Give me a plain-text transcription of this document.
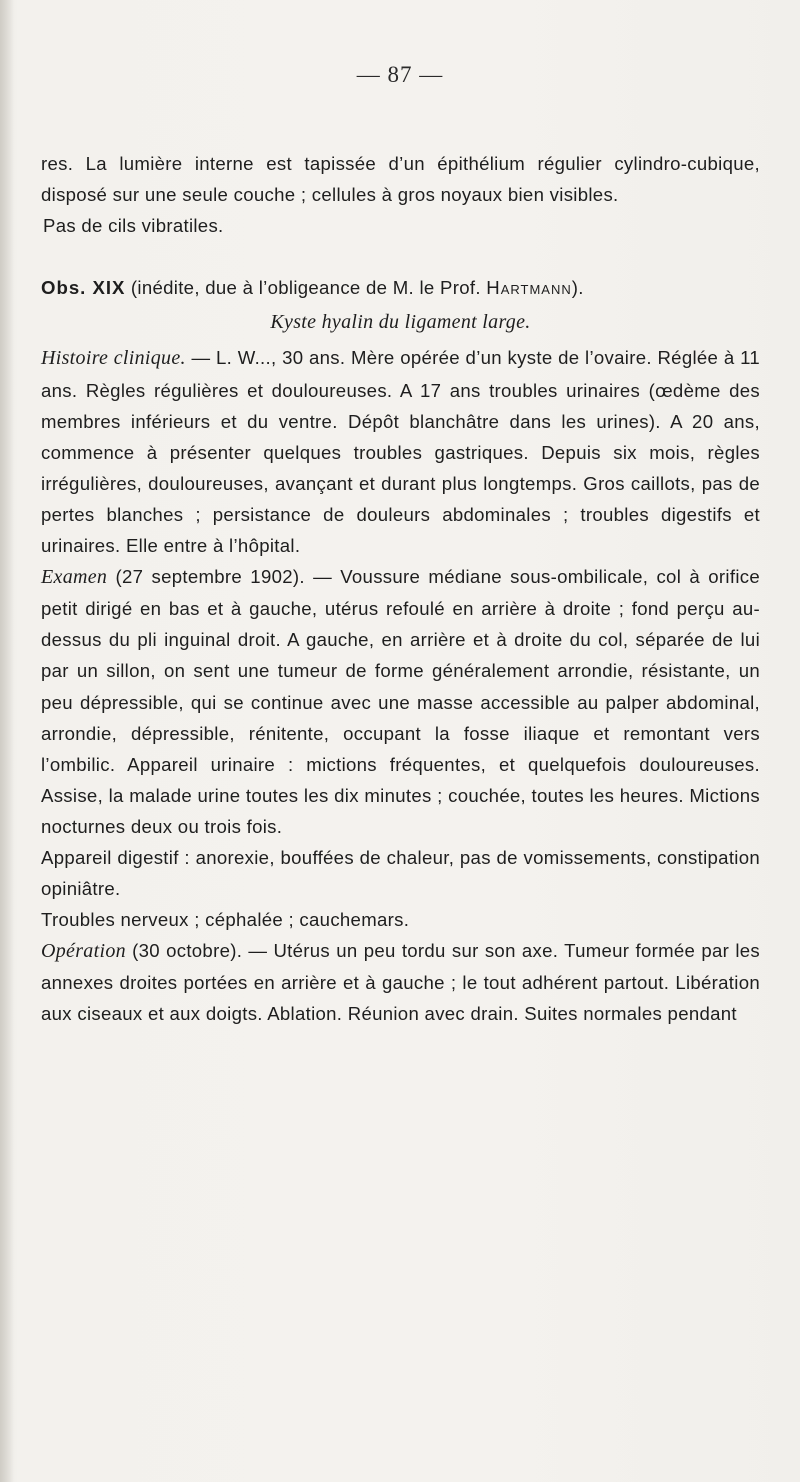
— 87 —

res. La lumière interne est tapissée d’un épithélium régulier cylindro-cubique, disposé sur une seule couche ; cellules à gros noyaux bien visibles.

Pas de cils vibratiles.

Obs. XIX (inédite, due à l’obligeance de M. le Prof. Hartmann).

Kyste hyalin du ligament large.

Histoire clinique. — L. W..., 30 ans. Mère opérée d’un kyste de l’ovaire. Réglée à 11 ans. Règles régulières et douloureuses. A 17 ans troubles urinaires (œdème des membres inférieurs et du ventre. Dépôt blanchâtre dans les urines). A 20 ans, commence à présenter quelques troubles gastriques. Depuis six mois, règles irrégulières, douloureuses, avançant et durant plus longtemps. Gros caillots, pas de pertes blanches ; persistance de douleurs abdominales ; troubles digestifs et urinaires. Elle entre à l’hôpital.

Examen (27 septembre 1902). — Voussure médiane sous-ombilicale, col à orifice petit dirigé en bas et à gauche, utérus refoulé en arrière à droite ; fond perçu au-dessus du pli inguinal droit. A gauche, en arrière et à droite du col, séparée de lui par un sillon, on sent une tumeur de forme généralement arrondie, résistante, un peu dépressible, qui se continue avec une masse accessible au palper abdominal, arrondie, dépressible, rénitente, occupant la fosse iliaque et remontant vers l’ombilic. Appareil urinaire : mictions fréquentes, et quelquefois douloureuses. Assise, la malade urine toutes les dix minutes ; couchée, toutes les heures. Mictions nocturnes deux ou trois fois.

Appareil digestif : anorexie, bouffées de chaleur, pas de vomissements, constipation opiniâtre.

Troubles nerveux ; céphalée ; cauchemars.

Opération (30 octobre). — Utérus un peu tordu sur son axe. Tumeur formée par les annexes droites portées en arrière et à gauche ; le tout adhérent partout. Libération aux ciseaux et aux doigts. Ablation. Réunion avec drain. Suites normales pendant
